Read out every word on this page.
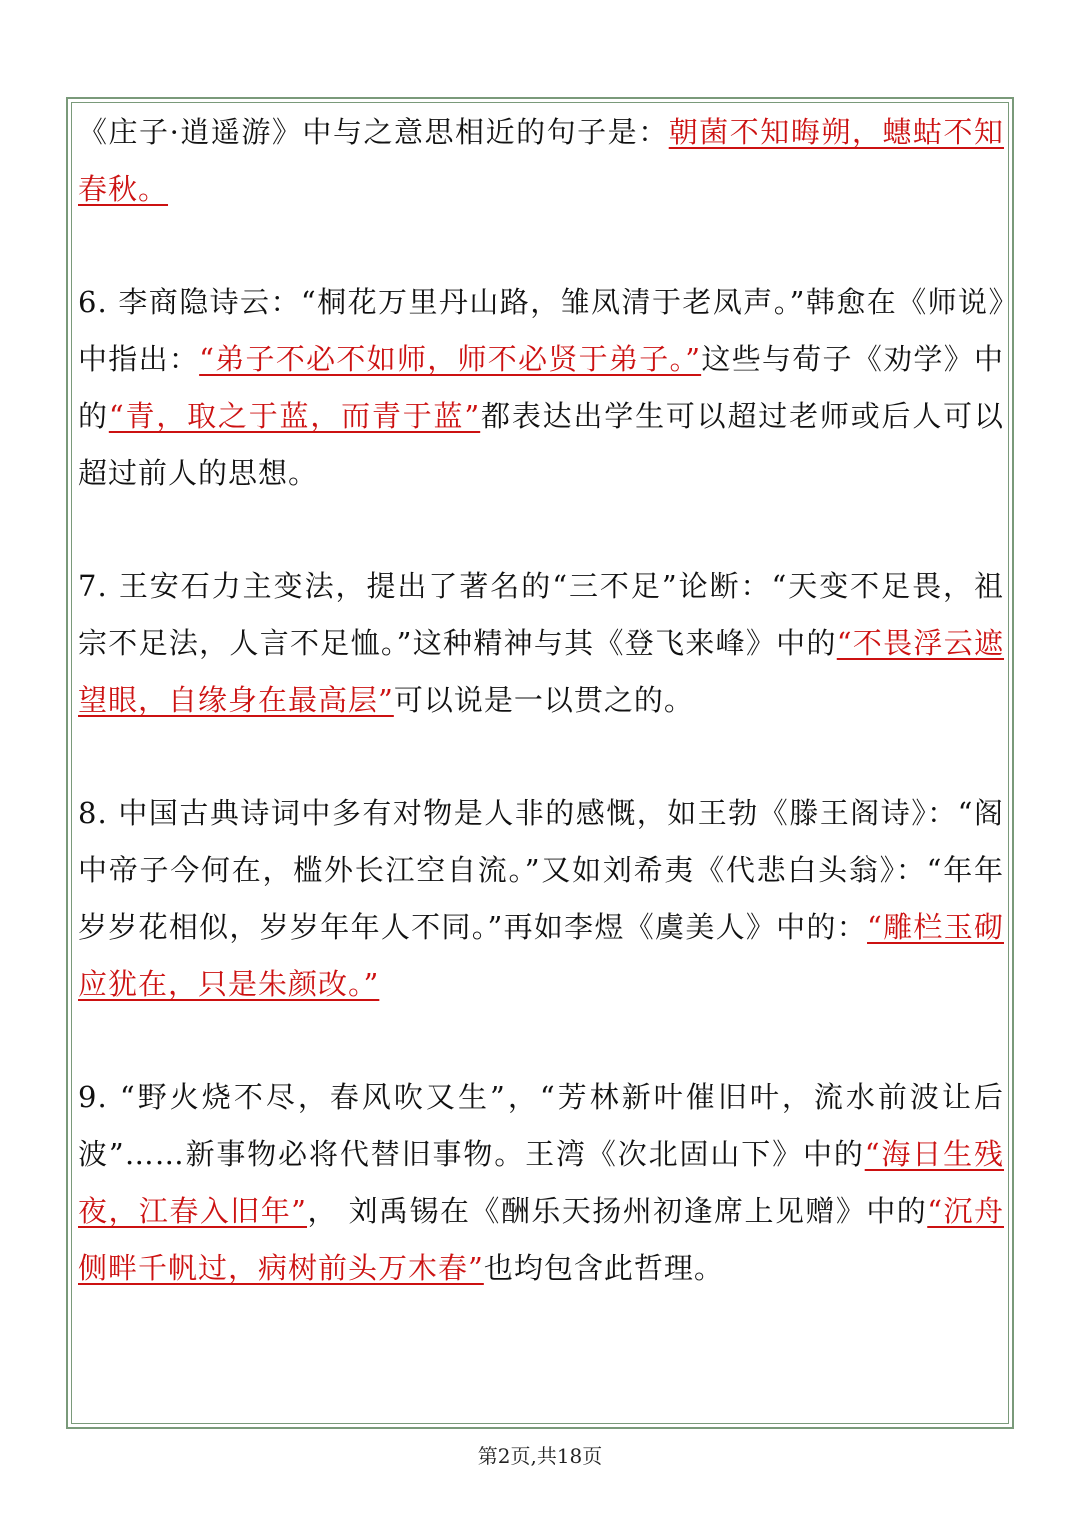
《庄子·逍遥游》中与之意思相近的句子是：朝菌不知晦朔，蟪蛄不知春秋。

6. 李商隐诗云：“桐花万里丹山路，雏凤清于老凤声。”韩愈在《师说》中指出：“弟子不必不如师，师不必贤于弟子。”这些与荀子《劝学》中的“青，取之于蓝，而青于蓝”都表达出学生可以超过老师或后人可以超过前人的思想。

7. 王安石力主变法，提出了著名的“三不足”论断：“天变不足畏，祖宗不足法，人言不足恤。”这种精神与其《登飞来峰》中的“不畏浮云遮望眼，自缘身在最高层”可以说是一以贯之的。

8. 中国古典诗词中多有对物是人非的感慨，如王勃《滕王阁诗》：“阁中帝子今何在，槛外长江空自流。”又如刘希夷《代悲白头翁》：“年年岁岁花相似，岁岁年年人不同。”再如李煜《虞美人》中的：“雕栏玉砌应犹在，只是朱颜改。”

9. “野火烧不尽，春风吹又生”，“芳林新叶催旧叶，流水前波让后波”……新事物必将代替旧事物。王湾《次北固山下》中的“海日生残夜，江春入旧年”， 刘禹锡在《酬乐天扬州初逢席上见赠》中的“沉舟侧畔千帆过，病树前头万木春”也均包含此哲理。

第2页,共18页
